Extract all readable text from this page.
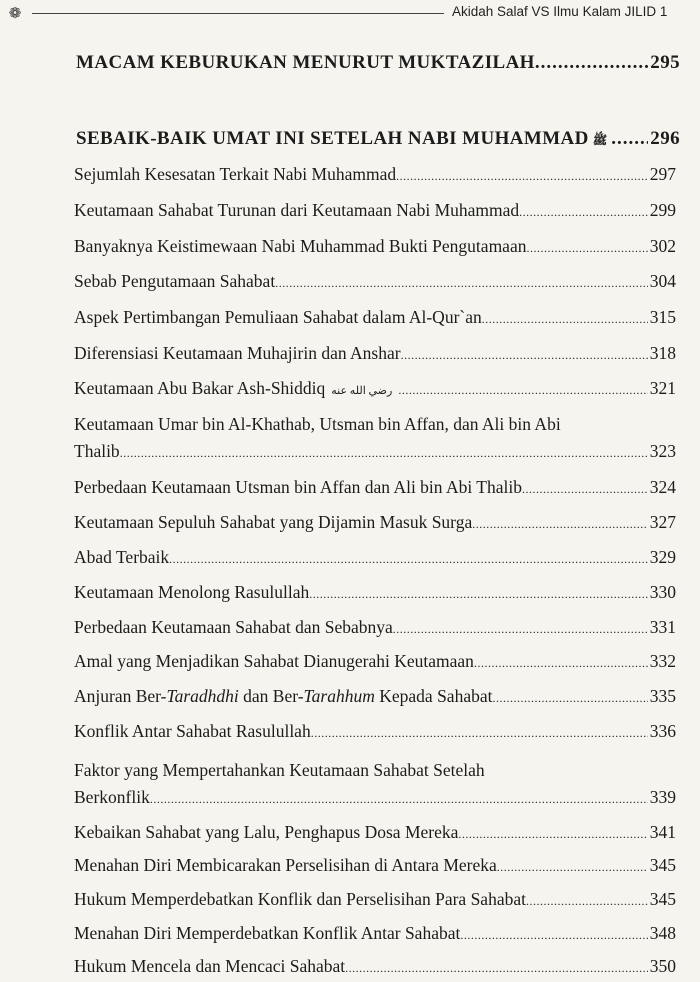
❁	Akidah Salaf VS Ilmu Kalam JILID 1
MACAM KEBURUKAN MENURUT MUKTAZILAH .....	295
SEBAIK-BAIK UMAT INI SETELAH NABI MUHAMMAD ﷺ ..... 296
Sejumlah Kesesatan Terkait Nabi Muhammad .....	297
Keutamaan Sahabat Turunan dari Keutamaan Nabi Muhammad .....	299
Banyaknya Keistimewaan Nabi Muhammad Bukti Pengutamaan .....	302
Sebab Pengutamaan Sahabat .....	304
Aspek Pertimbangan Pemuliaan Sahabat dalam Al-Qur`an .....	315
Diferensiasi Keutamaan Muhajirin dan Anshar .....	318
Keutamaan Abu Bakar Ash-Shiddiq رضي الله عنه .....	321
Keutamaan Umar bin Al-Khathab, Utsman bin Affan, dan Ali bin Abi
Thalib .....	323
Perbedaan Keutamaan Utsman bin Affan dan Ali bin Abi Thalib .....	324
Keutamaan Sepuluh Sahabat yang Dijamin Masuk Surga .....	327
Abad Terbaik .....	329
Keutamaan Menolong Rasulullah .....	330
Perbedaan Keutamaan Sahabat dan Sebabnya .....	331
Amal yang Menjadikan Sahabat Dianugerahi Keutamaan .....	332
Anjuran Ber-Taradhdhi dan Ber-Tarahhum Kepada Sahabat .....	335
Konflik Antar Sahabat Rasulullah .....	336
Faktor yang Mempertahankan Keutamaan Sahabat Setelah
Berkonflik .....	339
Kebaikan Sahabat yang Lalu, Penghapus Dosa Mereka .....	341
Menahan Diri Membicarakan Perselisihan di Antara Mereka .....	345
Hukum Memperdebatkan Konflik dan Perselisihan Para Sahabat .....	345
Menahan Diri Memperdebatkan Konflik Antar Sahabat .....	348
Hukum Mencela dan Mencaci Sahabat .....	350
